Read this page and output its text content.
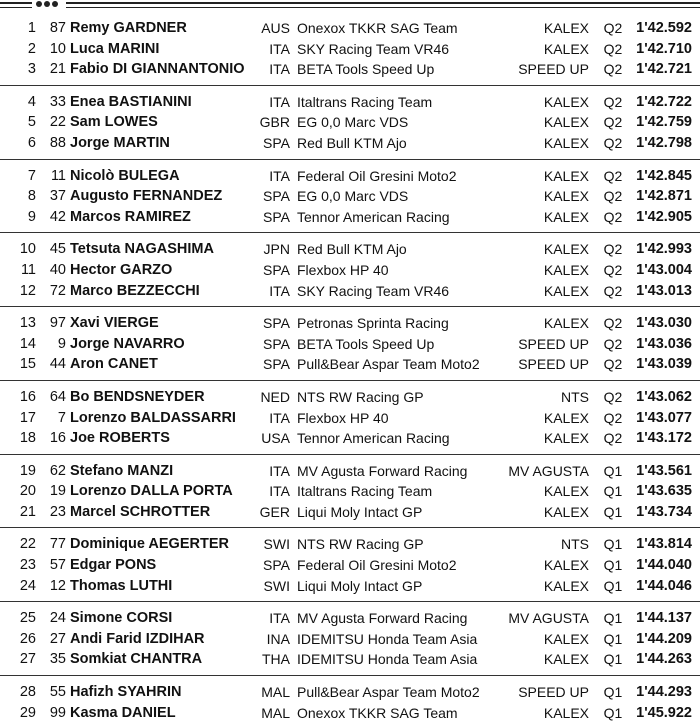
1 87 Remy GARDNER	AUS Onexox TKKR SAG Team	KALEX Q2 1'42.592
2 10 Luca MARINI	ITA SKY Racing Team VR46	KALEX Q2 1'42.710
3 21 Fabio DI GIANNANTONIO	ITA BETA Tools Speed Up	SPEED UP Q2 1'42.721
4 33 Enea BASTIANINI	ITA Italtrans Racing Team	KALEX Q2 1'42.722
5 22 Sam LOWES	GBR EG 0,0 Marc VDS	KALEX Q2 1'42.759
6 88 Jorge MARTIN	SPA Red Bull KTM Ajo	KALEX Q2 1'42.798
7	11 Nicolò BULEGA	ITA Federal Oil Gresini Moto2	KALEX Q2 1'42.845
8 37 Augusto FERNANDEZ	SPA EG 0,0 Marc VDS	KALEX Q2 1'42.871
9 42 Marcos RAMIREZ	SPA Tennor American Racing	KALEX Q2 1'42.905
10 45 Tetsuta NAGASHIMA	JPN Red Bull KTM Ajo	KALEX Q2 1'42.993
11 40 Hector GARZO	SPA Flexbox HP 40	KALEX Q2 1'43.004
12 72 Marco BEZZECCHI	ITA SKY Racing Team VR46	KALEX Q2 1'43.013
13 97 Xavi VIERGE	SPA Petronas Sprinta Racing	KALEX Q2 1'43.030
14	9 Jorge NAVARRO	SPA BETA Tools Speed Up	SPEED UP Q2 1'43.036
15 44 Aron CANET	SPA Pull&Bear Aspar Team Moto2	SPEED UP Q2 1'43.039
16 64 Bo BENDSNEYDER	NED NTS RW Racing GP	NTS Q2 1'43.062
17	7 Lorenzo BALDASSARRI	ITA Flexbox HP 40	KALEX Q2 1'43.077
18 16 Joe ROBERTS	USA Tennor American Racing	KALEX Q2 1'43.172
19 62 Stefano MANZI	ITA MV Agusta Forward Racing	MV AGUSTA Q1 1'43.561
20 19 Lorenzo DALLA PORTA	ITA Italtrans Racing Team	KALEX Q1 1'43.635
21 23 Marcel SCHROTTER	GER Liqui Moly Intact GP	KALEX Q1 1'43.734
22 77 Dominique AEGERTER	SWI NTS RW Racing GP	NTS Q1 1'43.814
23 57 Edgar PONS	SPA Federal Oil Gresini Moto2	KALEX Q1 1'44.040
24 12 Thomas LUTHI	SWI Liqui Moly Intact GP	KALEX Q1 1'44.046
25 24 Simone CORSI	ITA MV Agusta Forward Racing	MV AGUSTA Q1 1'44.137
26 27 Andi Farid IZDIHAR	INA IDEMITSU Honda Team Asia	KALEX Q1 1'44.209
27 35 Somkiat CHANTRA	THA IDEMITSU Honda Team Asia	KALEX Q1 1'44.263
28 55 Hafizh SYAHRIN	MAL Pull&Bear Aspar Team Moto2	SPEED UP Q1 1'44.293
29 99 Kasma DANIEL	MAL Onexox TKKR SAG Team	KALEX Q1 1'45.922
